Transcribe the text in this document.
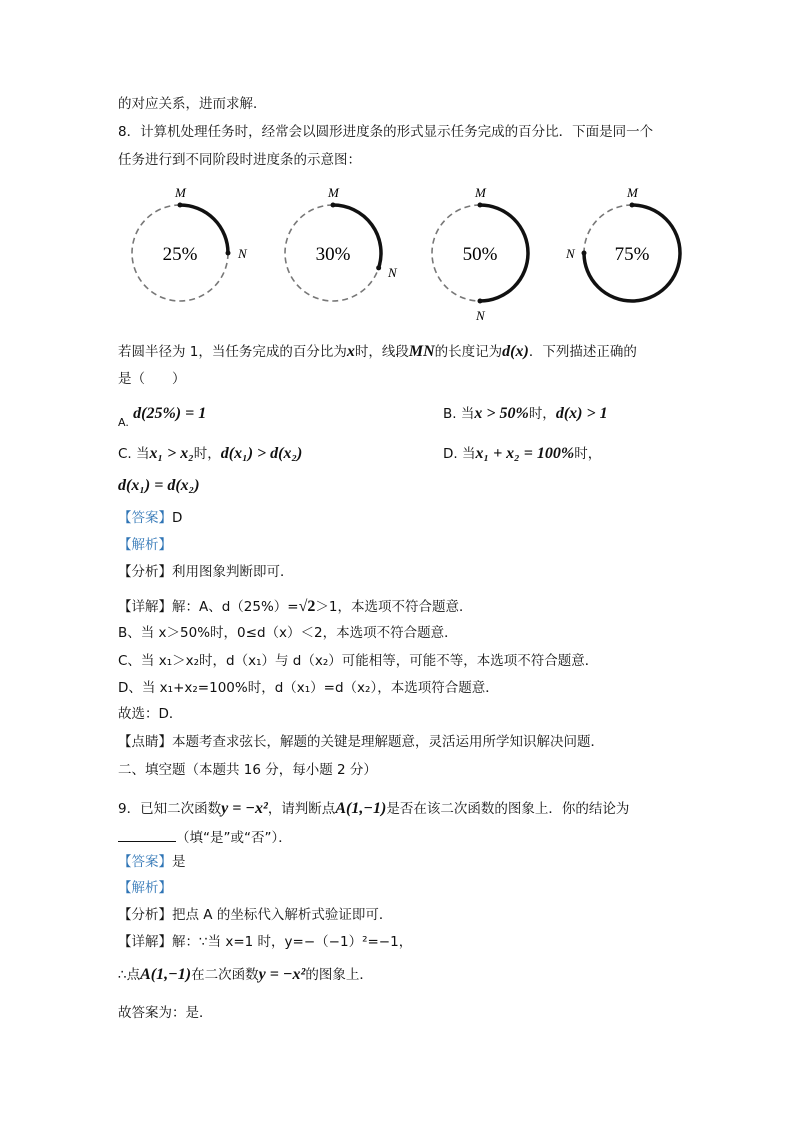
的对应关系，进而求解．
8．计算机处理任务时，经常会以圆形进度条的形式显示任务完成的百分比．下面是同一个
任务进行到不同阶段时进度条的示意图：
M
N
25%
M
N
30%
M
N
50%
M
N 75%
若圆半径为 1，当任务完成的百分比为x时，线段MN的长度记为d(x)．下列描述正确的
是（　　）
$_{A.}$ d(25%) = 1	B. 当x > 50%时，d(x) > 1
C. 当x₁ > x₂时，d(x₁) > d(x₂)	D. 当x₁ + x₂ = 100%时，
d(x₁) = d(x₂)
【答案】D
【解析】
【分析】利用图象判断即可．
【详解】解：A、d（25%）=√2＞1，本选项不符合题意．
B、当 x＞50%时，0≤d（x）＜2，本选项不符合题意．
C、当 x₁＞x₂时，d（x₁）与 d（x₂）可能相等，可能不等，本选项不符合题意．
D、当 x₁+x₂=100%时，d（x₁）=d（x₂），本选项符合题意．
故选：D．
【点睛】本题考查求弦长，解题的关键是理解题意，灵活运用所学知识解决问题．
二、填空题（本题共 16 分，每小题 2 分）
9．已知二次函数y = −x²，请判断点A(1,−1)是否在该二次函数的图象上．你的结论为
（填“是”或“否”）．
【答案】是
【解析】
【分析】把点 A 的坐标代入解析式验证即可．
【详解】解：∵当 x=1 时，y=−（−1）²=−1，
∴点A(1,−1)在二次函数y = −x²的图象上．
故答案为：是．
